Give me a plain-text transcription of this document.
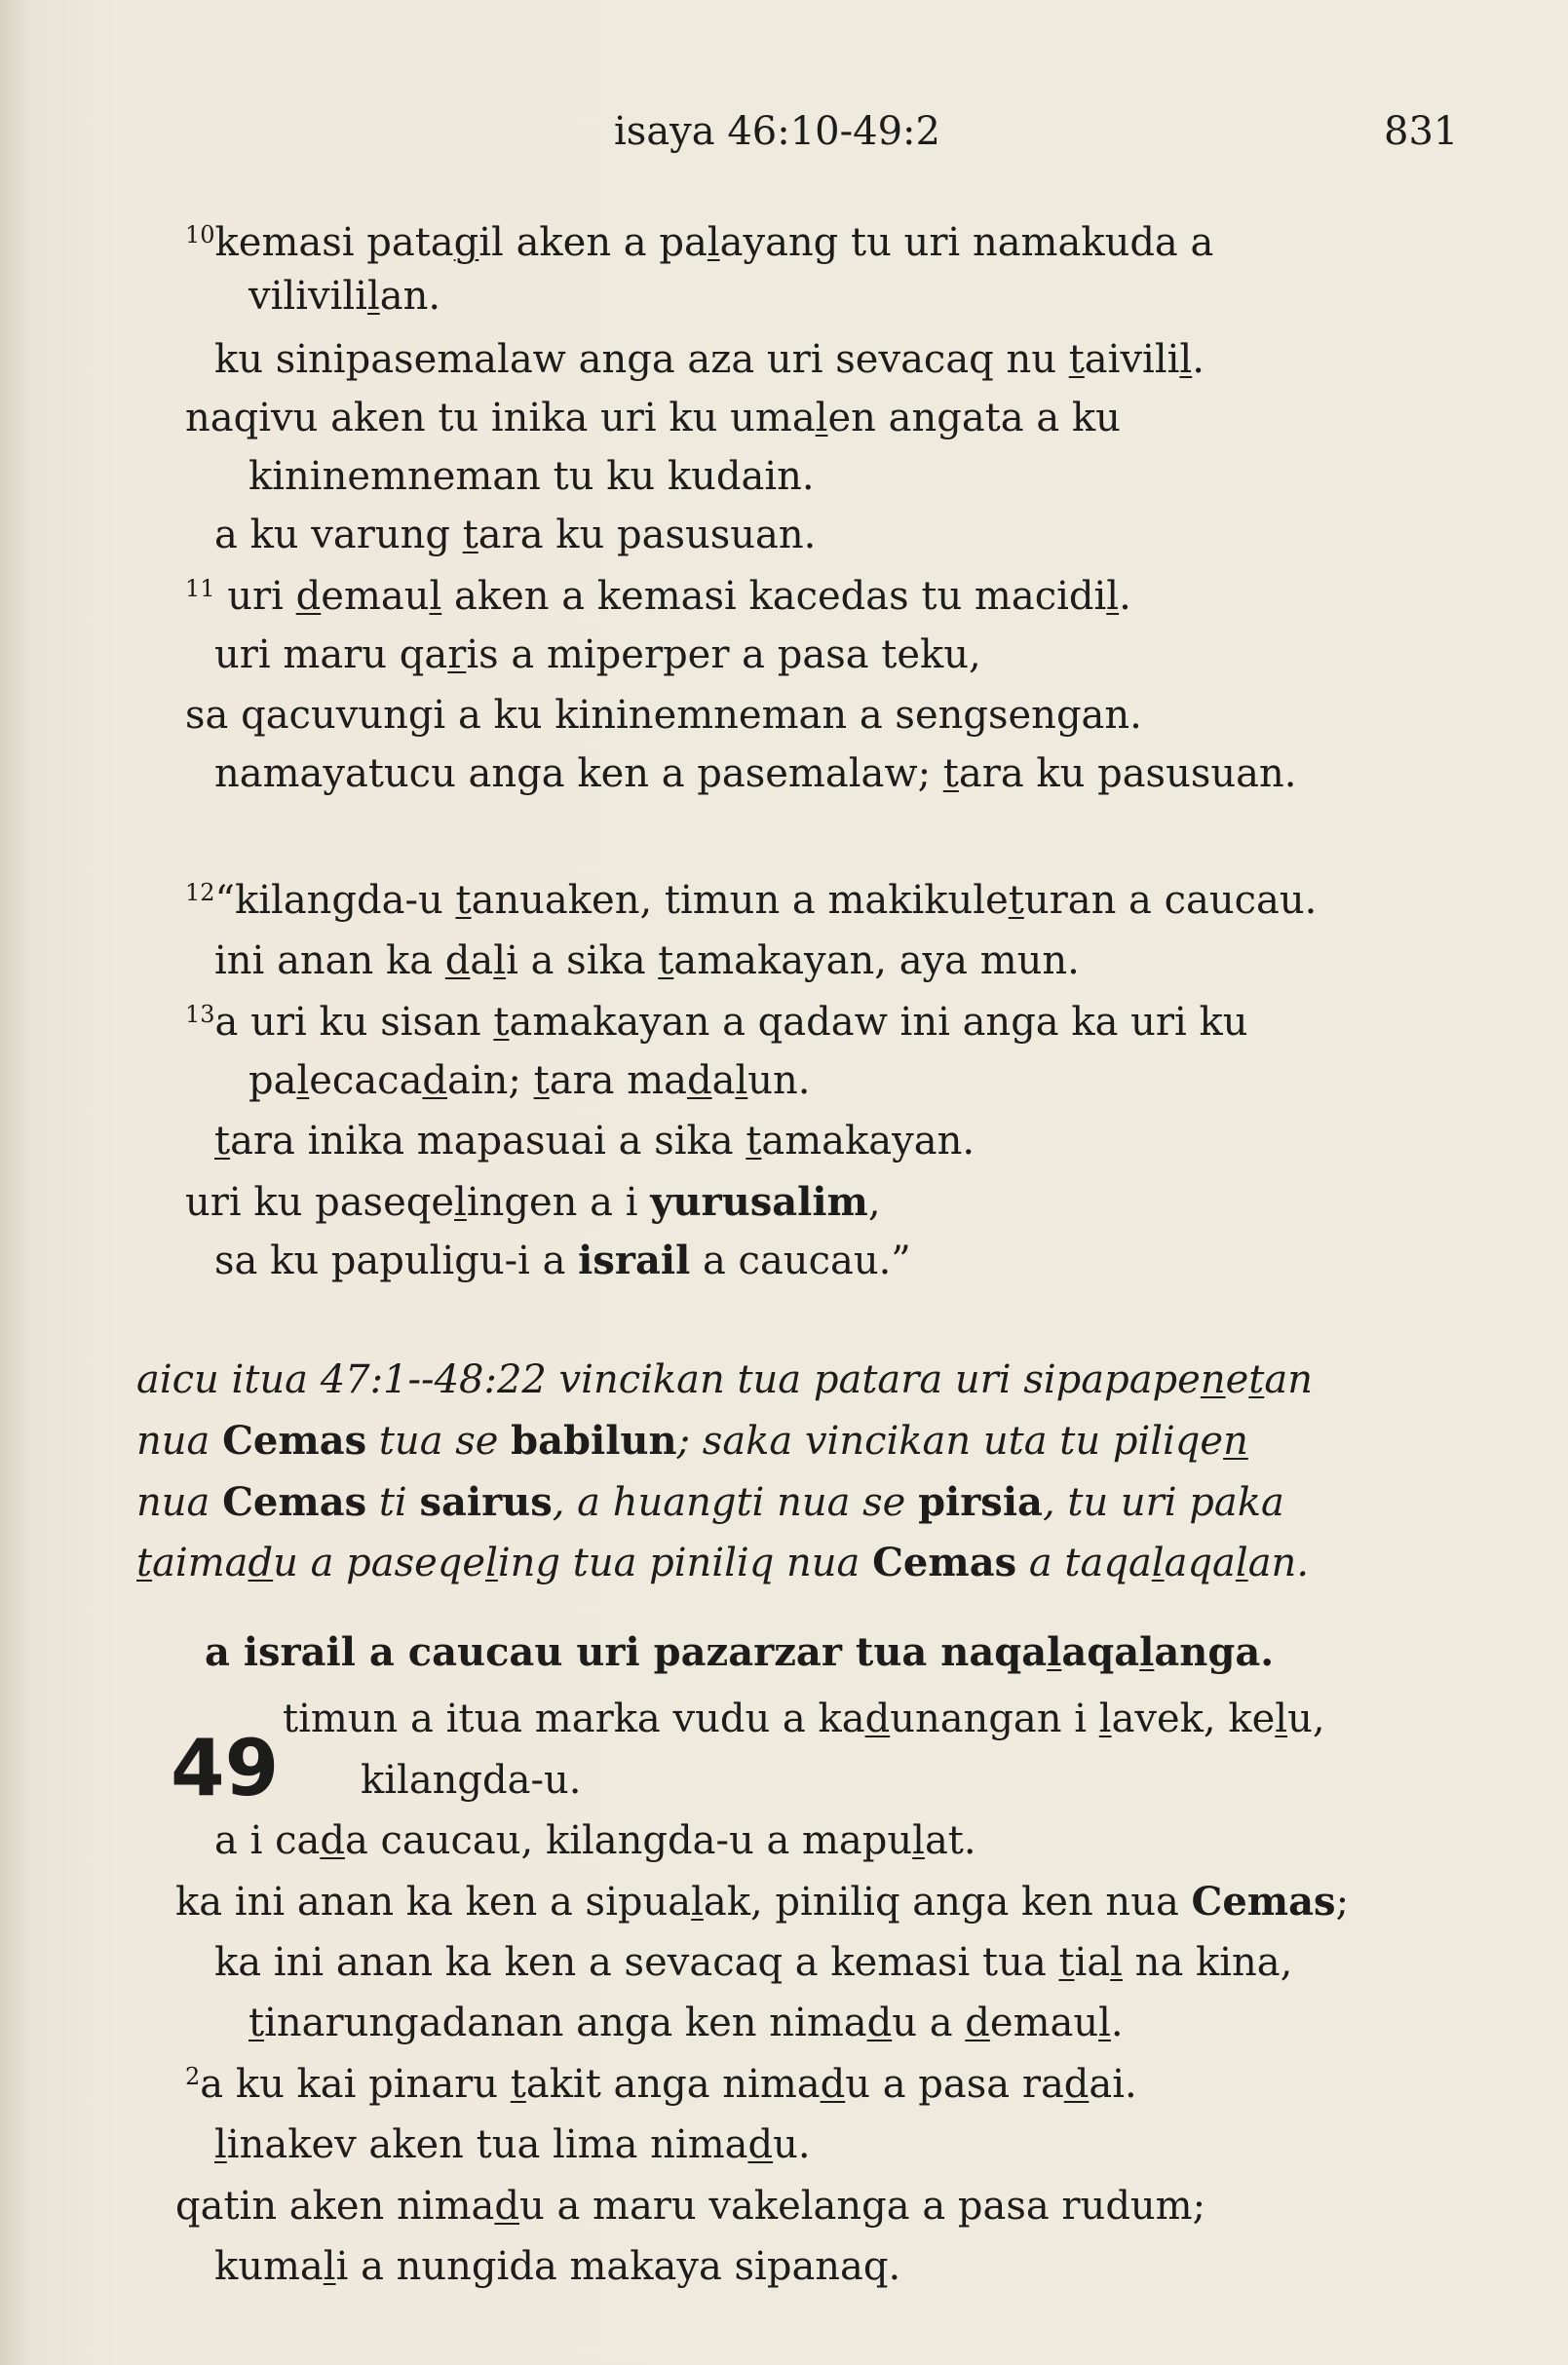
isaya 46:10-49:2	831
$^{10}$kemasi patagil aken a palayang tu uri namakuda a
vilivililan.
ku sinipasemalaw anga aza uri sevacaq nu taivilil.
naqivu aken tu inika uri ku umalen angata a ku
kininemneman tu ku kudain.
a ku varung tara ku pasusuan.
$^{11}$ uri demaul aken a kemasi kacedas tu macidil.
uri maru qaris a miperper a pasa teku,
sa qacuvungi a ku kininemneman a sengsengan.
namayatucu anga ken a pasemalaw; tara ku pasusuan.
$^{12}$“kilangda-u tanuaken, timun a makikuleturan a caucau.
ini anan ka dali a sika tamakayan, aya mun.
$^{13}$a uri ku sisan tamakayan a qadaw ini anga ka uri ku
palecacadain; tara madalun.
tara inika mapasuai a sika tamakayan.
uri ku paseqelingen a i yurusalim,
sa ku papuligu-i a israil a caucau.”
aicu itua 47:1--48:22 vincikan tua patara uri sipapapenetan
nua Cemas tua se babilun; saka vincikan uta tu piliqen
nua Cemas ti sairus, a huangti nua se pirsia, tu uri paka
taimadu a paseqeling tua piniliq nua Cemas a taqalaqalan.
a israil a caucau uri pazarzar tua naqalaqalanga.
49
timun a itua marka vudu a kadunangan i lavek, kelu,
kilangda-u.
a i cada caucau, kilangda-u a mapulat.
ka ini anan ka ken a sipualak, piniliq anga ken nua Cemas;
ka ini anan ka ken a sevacaq a kemasi tua tial na kina,
tinarungadanan anga ken nimadu a demaul.
$^2$a ku kai pinaru takit anga nimadu a pasa radai.
linakev aken tua lima nimadu.
qatin aken nimadu a maru vakelanga a pasa rudum;
kumali a nungida makaya sipanaq.
